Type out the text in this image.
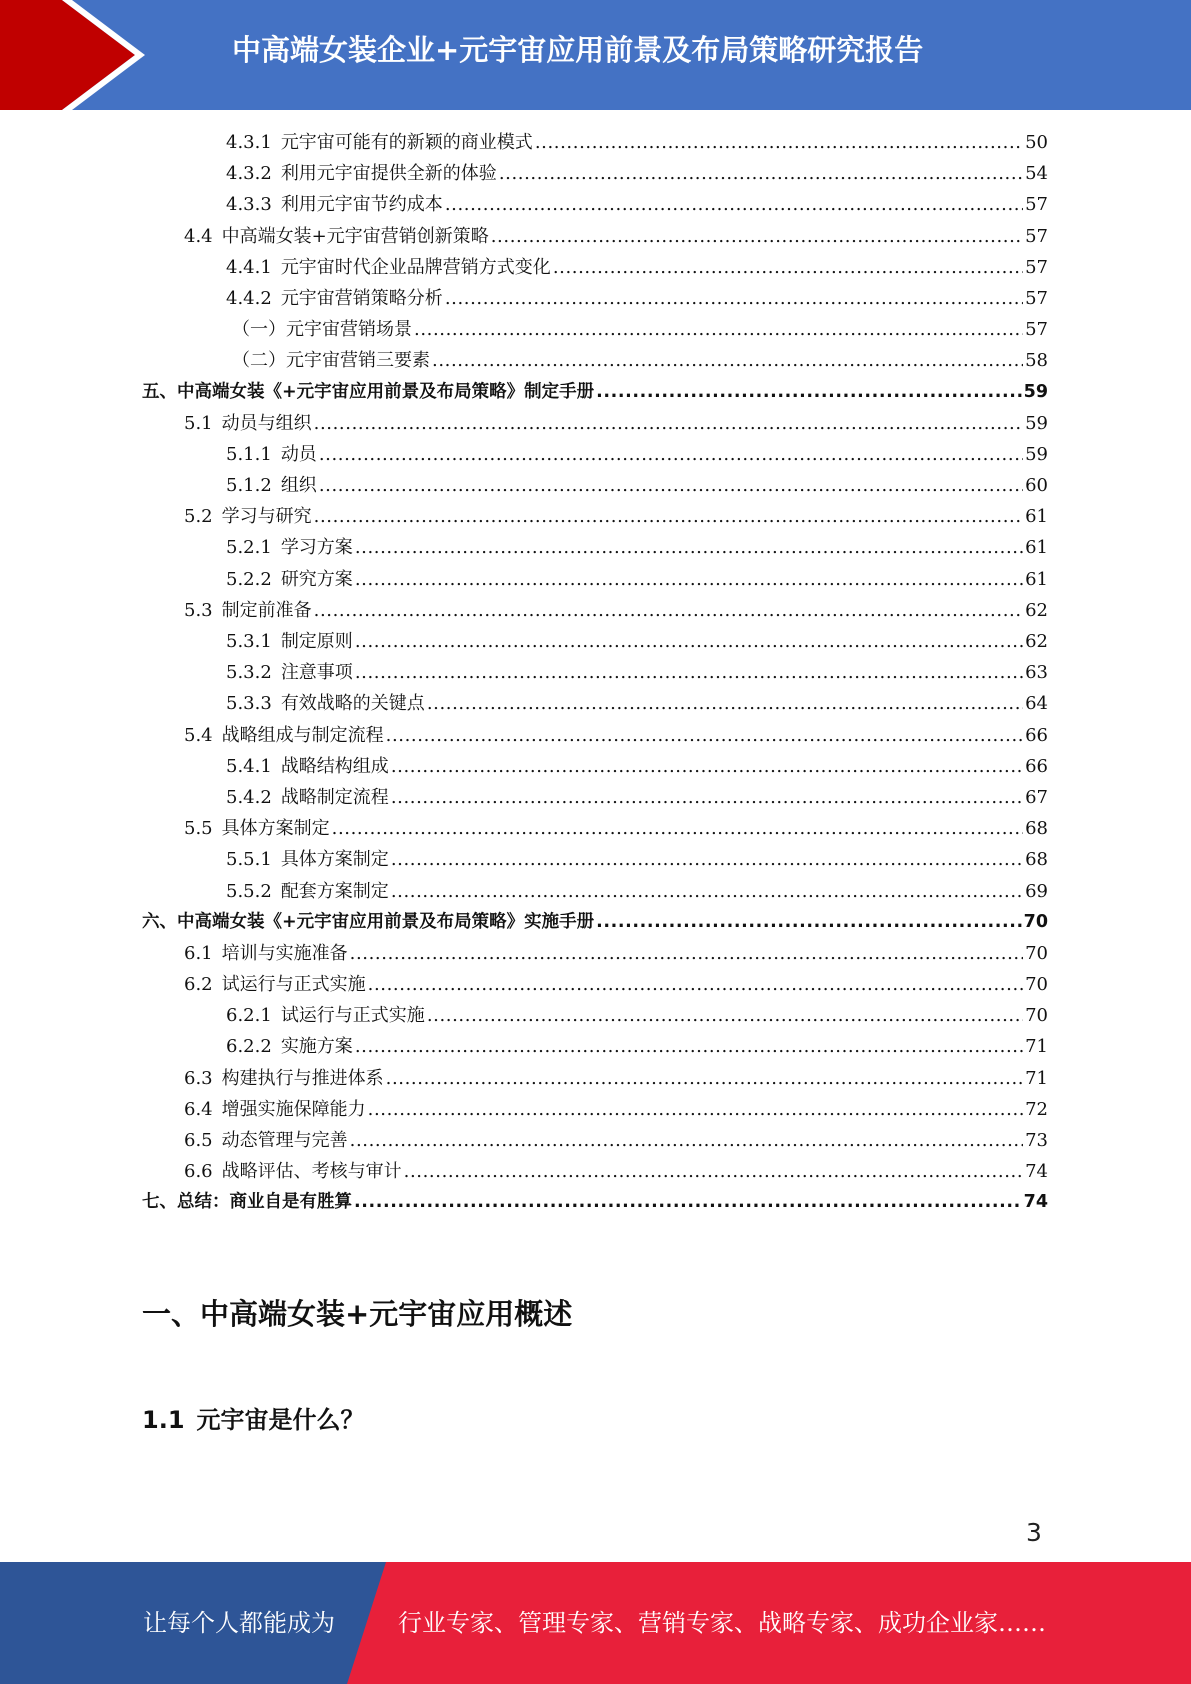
中高端女装企业+元宇宙应用前景及布局策略研究报告
4.3.1 元宇宙可能有的新颖的商业模式 .....	50
4.3.2 利用元宇宙提供全新的体验 .....	54
4.3.3 利用元宇宙节约成本 .....	57
4.4 中高端女装+元宇宙营销创新策略 .....	57
4.4.1 元宇宙时代企业品牌营销方式变化 .....	57
4.4.2 元宇宙营销策略分析 .....	57
（一）元宇宙营销场景 .....	57
（二）元宇宙营销三要素 .....	58
五、中高端女装《+元宇宙应用前景及布局策略》制定手册 .....	59
5.1 动员与组织 .....	59
5.1.1 动员 .....	59
5.1.2 组织 .....	60
5.2 学习与研究 .....	61
5.2.1 学习方案 .....	61
5.2.2 研究方案 .....	61
5.3 制定前准备 .....	62
5.3.1 制定原则 .....	62
5.3.2 注意事项 .....	63
5.3.3 有效战略的关键点 .....	64
5.4 战略组成与制定流程 .....	66
5.4.1 战略结构组成 .....	66
5.4.2 战略制定流程 .....	67
5.5 具体方案制定 .....	68
5.5.1 具体方案制定 .....	68
5.5.2 配套方案制定 .....	69
六、中高端女装《+元宇宙应用前景及布局策略》实施手册 .....	70
6.1 培训与实施准备 .....	70
6.2 试运行与正式实施 .....	70
6.2.1 试运行与正式实施 .....	70
6.2.2 实施方案 .....	71
6.3 构建执行与推进体系 .....	71
6.4 增强实施保障能力 .....	72
6.5 动态管理与完善 .....	73
6.6 战略评估、考核与审计 .....	74
七、总结：商业自是有胜算 .....	74
一、中高端女装+元宇宙应用概述
1.1 元宇宙是什么？
3
让每个人都能成为	行业专家、管理专家、营销专家、战略专家、成功企业家……
